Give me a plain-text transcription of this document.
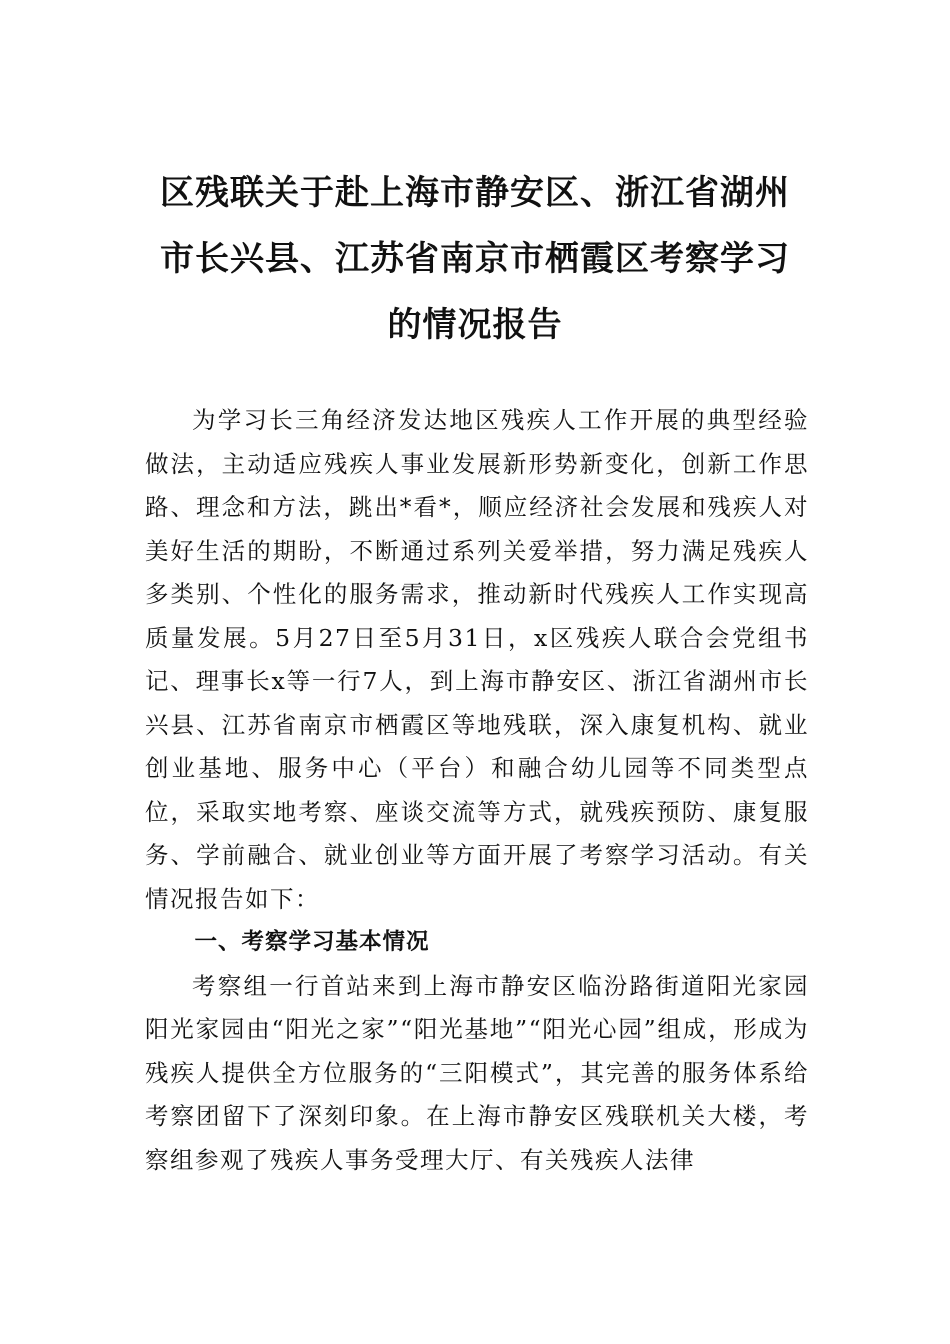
区残联关于赴上海市静安区、浙江省湖州
市长兴县、江苏省南京市栖霞区考察学习
的情况报告

为学习长三角经济发达地区残疾人工作开展的典型经验做法，主动适应残疾人事业发展新形势新变化，创新工作思路、理念和方法，跳出*看*，顺应经济社会发展和残疾人对美好生活的期盼，不断通过系列关爱举措，努力满足残疾人多类别、个性化的服务需求，推动新时代残疾人工作实现高质量发展。5月27日至5月31日，x区残疾人联合会党组书记、理事长x等一行7人，到上海市静安区、浙江省湖州市长兴县、江苏省南京市栖霞区等地残联，深入康复机构、就业创业基地、服务中心（平台）和融合幼儿园等不同类型点位，采取实地考察、座谈交流等方式，就残疾预防、康复服务、学前融合、就业创业等方面开展了考察学习活动。有关情况报告如下：

一、考察学习基本情况

考察组一行首站来到上海市静安区临汾路街道阳光家园阳光家园由“阳光之家”“阳光基地”“阳光心园”组成，形成为残疾人提供全方位服务的“三阳模式”，其完善的服务体系给考察团留下了深刻印象。在上海市静安区残联机关大楼，考察组参观了残疾人事务受理大厅、有关残疾人法律
